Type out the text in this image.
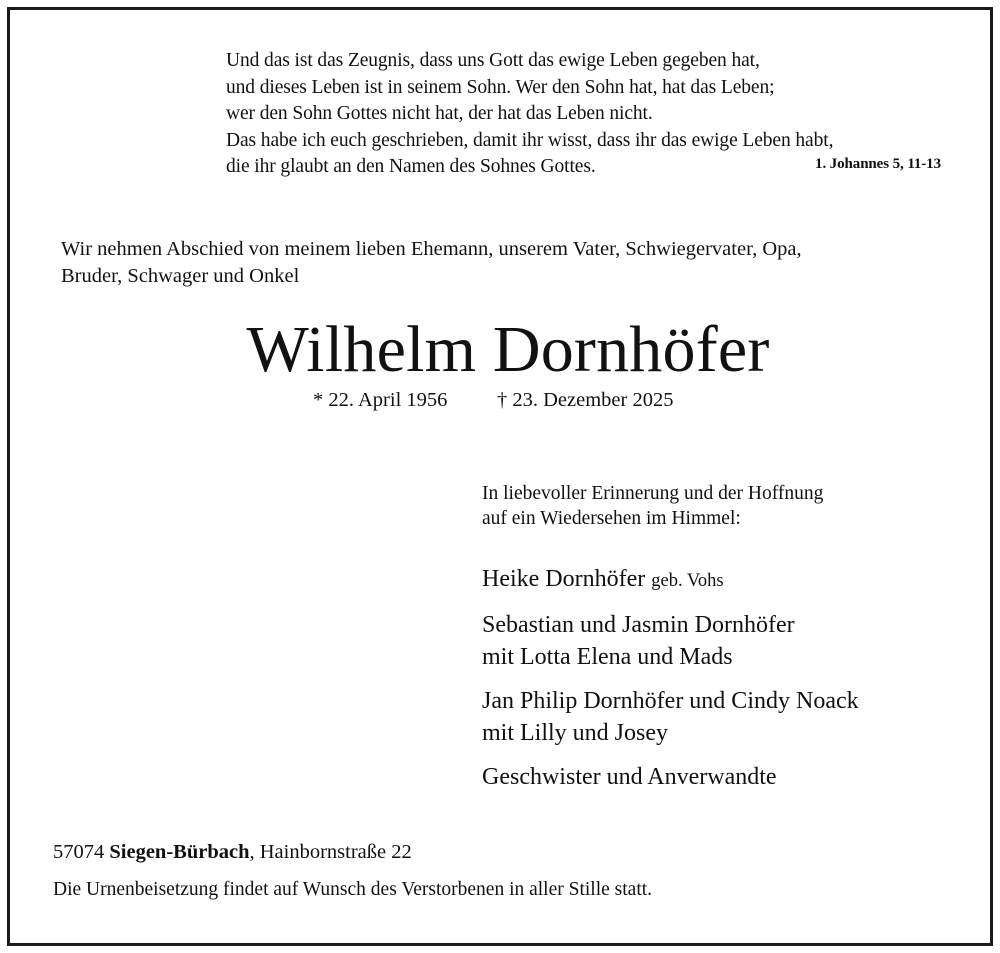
Und das ist das Zeugnis, dass uns Gott das ewige Leben gegeben hat,
und dieses Leben ist in seinem Sohn. Wer den Sohn hat, hat das Leben;
wer den Sohn Gottes nicht hat, der hat das Leben nicht.
Das habe ich euch geschrieben, damit ihr wisst, dass ihr das ewige Leben habt,
die ihr glaubt an den Namen des Sohnes Gottes.	1. Johannes 5, 11-13
Wir nehmen Abschied von meinem lieben Ehemann, unserem Vater, Schwiegervater, Opa,
Bruder, Schwager und Onkel
Wilhelm Dornhöfer
* 22. April 1956 † 23. Dezember 2025
In liebevoller Erinnerung und der Hoffnung
auf ein Wiedersehen im Himmel:
Heike Dornhöfer geb. Vohs
Sebastian und Jasmin Dornhöfer
mit Lotta Elena und Mads
Jan Philip Dornhöfer und Cindy Noack
mit Lilly und Josey
Geschwister und Anverwandte
57074 Siegen-Bürbach, Hainbornstraße 22
Die Urnenbeisetzung findet auf Wunsch des Verstorbenen in aller Stille statt.
